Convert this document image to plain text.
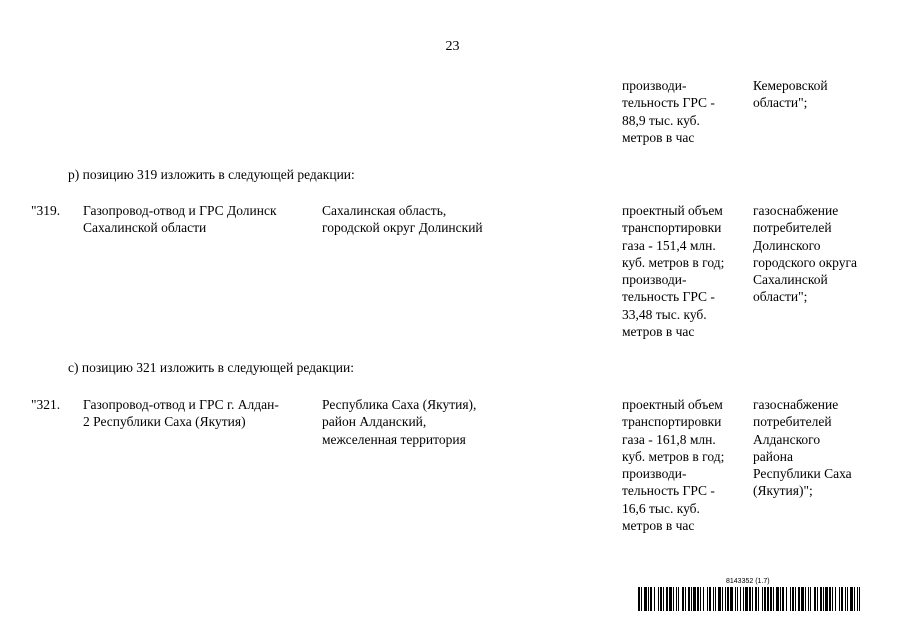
23
производи-
тельность ГРС -
88,9 тыс. куб.
метров в час
Кемеровской
области";
р) позицию 319 изложить в следующей редакции:
"319. Газопровод-отвод и ГРС Долинск
Сахалинской области
Сахалинская область,
городской округ Долинский
проектный объем
транспортировки
газа - 151,4 млн.
куб. метров в год;
производи-
тельность ГРС -
33,48 тыс. куб.
метров в час
газоснабжение
потребителей
Долинского
городского округа
Сахалинской
области";
с) позицию 321 изложить в следующей редакции:
"321. Газопровод-отвод и ГРС г. Алдан-
2 Республики Саха (Якутия)
Республика Саха (Якутия),
район Алданский,
межселенная территория
проектный объем
транспортировки
газа - 161,8 млн.
куб. метров в год;
производи-
тельность ГРС -
16,6 тыс. куб.
метров в час
газоснабжение
потребителей
Алданского
района
Республики Саха
(Якутия)";
8143352 (1.7)
